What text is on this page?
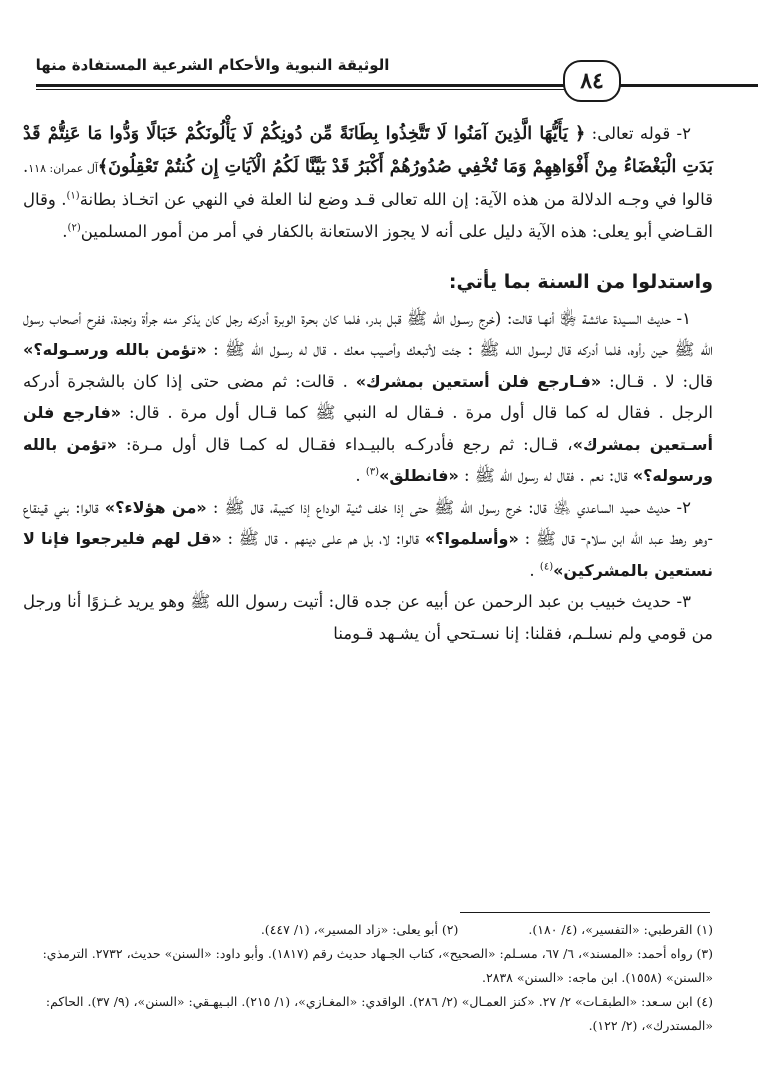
الوثيقة النبوية والأحكام الشرعية المستفادة منها
٨٤

٢- قوله تعالى: ﴿ يَأَيُّهَا الَّذِينَ آمَنُوا لَا تَتَّخِذُوا بِطَانَةً مِّن دُونِكُمْ لَا يَأْلُونَكُمْ خَبَالًا وَدُّوا مَا عَنِتُّمْ قَدْ بَدَتِ الْبَغْضَاءُ مِنْ أَفْوَاهِهِمْ وَمَا تُخْفِي صُدُورُهُمْ أَكْبَرُ قَدْ بَيَّنَّا لَكُمُ الْآيَاتِ إِن كُنتُمْ تَعْقِلُونَ﴾آل عمران: ١١٨. قالوا في وجـه الدلالة من هذه الآية: إن الله تعالى قـد وضع لنا العلة في النهي عن اتخـاذ بطانة$^{(١)}$. وقال القـاضي أبو يعلى: هذه الآية دليل على أنه لا يجوز الاستعانة بالكفار في أمر من أمور المسلمين$^{(٢)}$.

واستدلوا من السنة بما يأتي:

١- حديث السـيدة عائشة ﵂ أنهـا قالت: (خرج رسـول الله ﷺ قبل بدر، فلما كان بحرة الوبرة أدركه رجل كان يذكر منه جرأة ونجدة، ففرح أصحاب رسول الله ﷺ حين رأوه، فلما أدركه قال لرسول اللـه ﷺ : جئت لأتبعك وأصيب معك . قال له رسـول الله ﷺ : «تؤمن بالله ورسـوله؟» قال: لا . قـال: «فـارجع فلن أستعين بمشرك» . قالت: ثم مضى حتى إذا كان بالشجرة أدركه الرجل . فقال له كما قال أول مرة . فـقال له النبي ﷺ كما قـال أول مرة . قال: «فارجع فلن أسـتعين بمشرك»، قـال: ثم رجع فأدركـه بالبيـداء فقـال له كمـا قال أول مـرة: «تؤمن بالله ورسوله؟» قال: نعم . فقال له رسول الله ﷺ : «فانطلق»$^{(٣)}$ .

٢- حديث حميد الساعدي ﵁ قال: خرج رسول الله ﷺ حتى إذا خلف ثنية الوداع إذا كتيبة، قال ﷺ : «من هؤلاء؟» قالوا: بني قينقاع -وهو رهط عبد الله ابن سلام- قال ﷺ : «وأسلموا؟» قالوا: لا، بل هم علـى دينهم . قال ﷺ : «قل لهم فليرجعوا فإنا لا نستعين بالمشركين»$^{(٤)}$ .

٣- حديث خبيب بن عبد الرحمن عن أبيه عن جده قال: أتيت رسول الله ﷺ وهو يريد غـزوًا أنا ورجل من قومي ولم نسلـم، فقلنا: إنا نسـتحي أن يشـهد قـومنا

(١) القرطبي: «التفسير»، (٤/ ١٨٠).

(٢) أبو يعلى: «زاد المسير»، (١/ ٤٤٧).

(٣) رواه أحمد: «المسند»، ٦/ ٦٧، مسـلم: «الصحيح»، كتاب الجـهاد حديث رقم (١٨١٧). وأبو داود: «السنن» حديث، ٢٧٣٢. الترمذي: «السنن» (١٥٥٨). ابن ماجه: «السنن» ٢٨٣٨.

(٤) ابن سـعد: «الطبقـات» ٢/ ٢٧. «كنز العمـال» (٢/ ٢٨٦). الواقدي: «المغـازي»، (١/ ٢١٥). البـيهـقي: «السنن»، (٩/ ٣٧). الحاكم: «المستدرك»، (٢/ ١٢٢).
